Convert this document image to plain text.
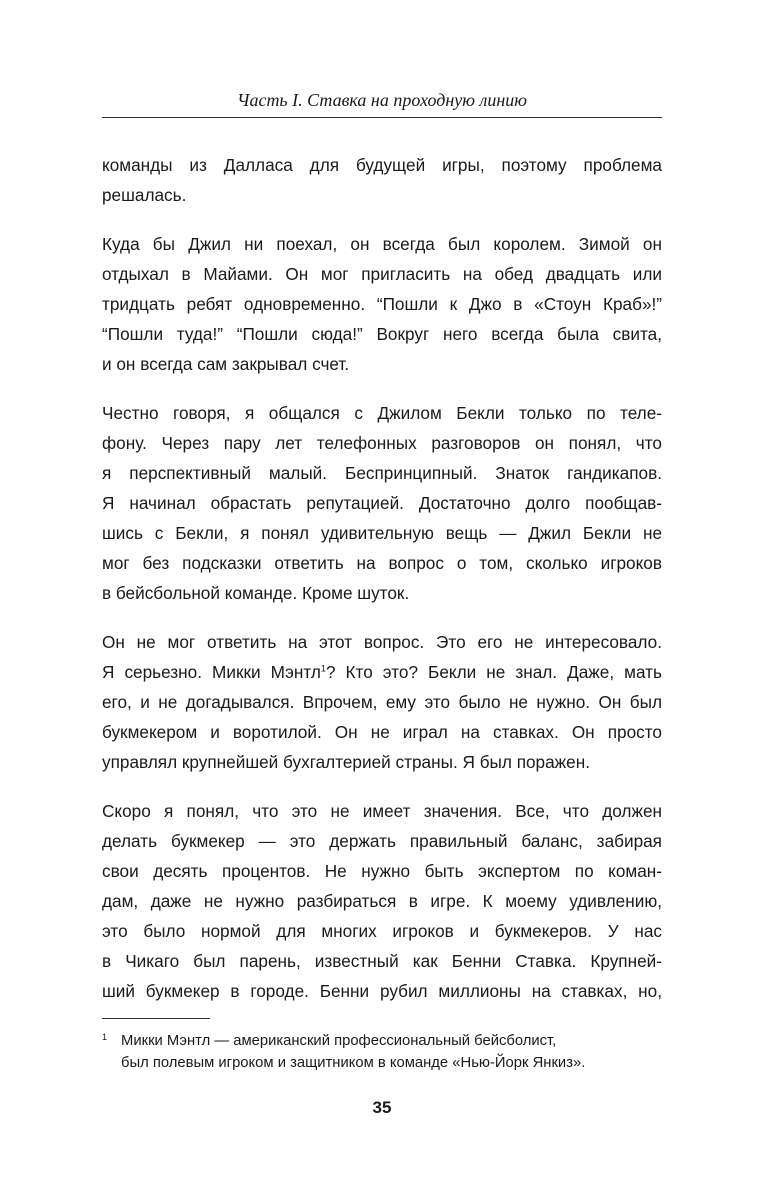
Часть I. Ставка на проходную линию

команды из Далласа для будущей игры, поэтому проблема
решалась.

Куда бы Джил ни поехал, он всегда был королем. Зимой он
отдыхал в Майами. Он мог пригласить на обед двадцать или
тридцать ребят одновременно. “Пошли к Джо в «Стоун Краб»!”
“Пошли туда!” “Пошли сюда!” Вокруг него всегда была свита,
и он всегда сам закрывал счет.

Честно говоря, я общался с Джилом Бекли только по теле-
фону. Через пару лет телефонных разговоров он понял, что
я перспективный малый. Беспринципный. Знаток гандикапов.
Я начинал обрастать репутацией. Достаточно долго пообщав-
шись с Бекли, я понял удивительную вещь — Джил Бекли не
мог без подсказки ответить на вопрос о том, сколько игроков
в бейсбольной команде. Кроме шуток.

Он не мог ответить на этот вопрос. Это его не интересовало.
Я серьезно. Микки Мэнтл$^1$? Кто это? Бекли не знал. Даже, мать
его, и не догадывался. Впрочем, ему это было не нужно. Он был
букмекером и воротилой. Он не играл на ставках. Он просто
управлял крупнейшей бухгалтерией страны. Я был поражен.

Скоро я понял, что это не имеет значения. Все, что должен
делать букмекер — это держать правильный баланс, забирая
свои десять процентов. Не нужно быть экспертом по коман-
дам, даже не нужно разбираться в игре. К моему удивлению,
это было нормой для многих игроков и букмекеров. У нас
в Чикаго был парень, известный как Бенни Ставка. Крупней-
ший букмекер в городе. Бенни рубил миллионы на ставках, но,

1 Микки Мэнтл — американский профессиональный бейсболист,
был полевым игроком и защитником в команде «Нью-Йорк Янкиз».
35
